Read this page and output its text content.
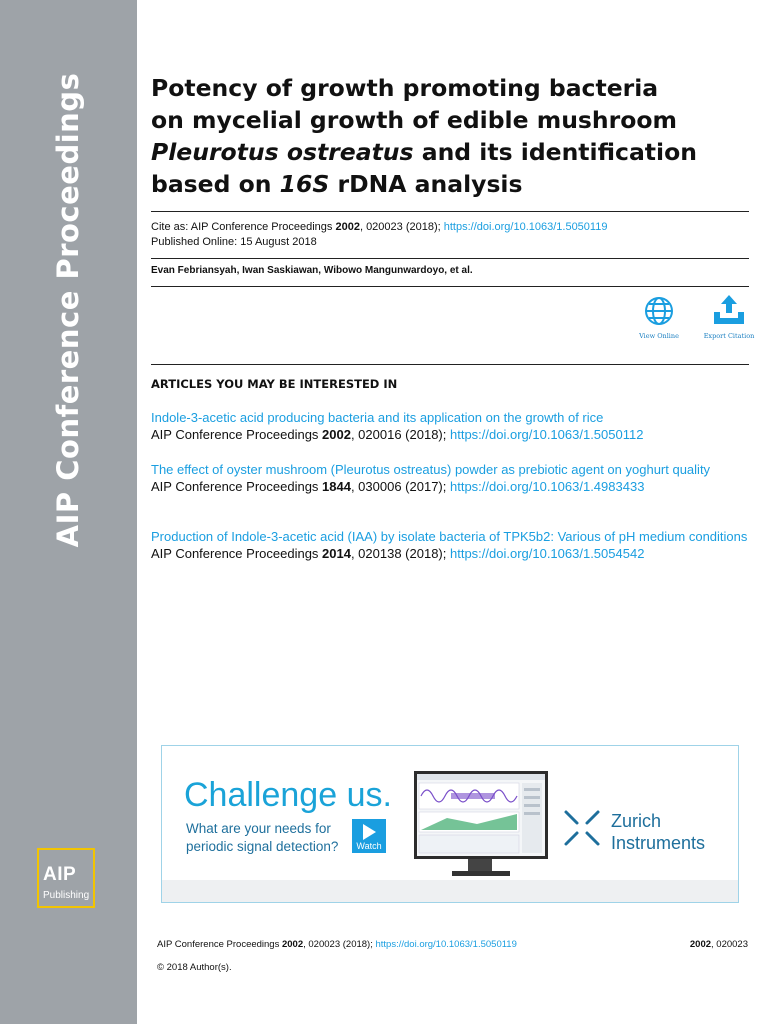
AIP Conference Proceedings
AIP
Publishing
Potency of growth promoting bacteria
on mycelial growth of edible mushroom
Pleurotus ostreatus and its identification
based on 16S rDNA analysis
Cite as: AIP Conference Proceedings 2002, 020023 (2018); https://doi.org/10.1063/1.5050119
Published Online: 15 August 2018
Evan Febriansyah, Iwan Saskiawan, Wibowo Mangunwardoyo, et al.
View Online	Export Citation
ARTICLES YOU MAY BE INTERESTED IN
Indole-3-acetic acid producing bacteria and its application on the growth of rice
AIP Conference Proceedings 2002, 020016 (2018); https://doi.org/10.1063/1.5050112
The effect of oyster mushroom (Pleurotus ostreatus) powder as prebiotic agent on yoghurt quality
AIP Conference Proceedings 1844, 030006 (2017); https://doi.org/10.1063/1.4983433
Production of Indole-3-acetic acid (IAA) by isolate bacteria of TPK5b2: Various of pH medium conditions
AIP Conference Proceedings 2014, 020138 (2018); https://doi.org/10.1063/1.5054542
Challenge us.
What are your needs for
periodic signal detection?	Watch
Zurich
Instruments
AIP Conference Proceedings 2002, 020023 (2018); https://doi.org/10.1063/1.5050119	2002, 020023
© 2018 Author(s).
